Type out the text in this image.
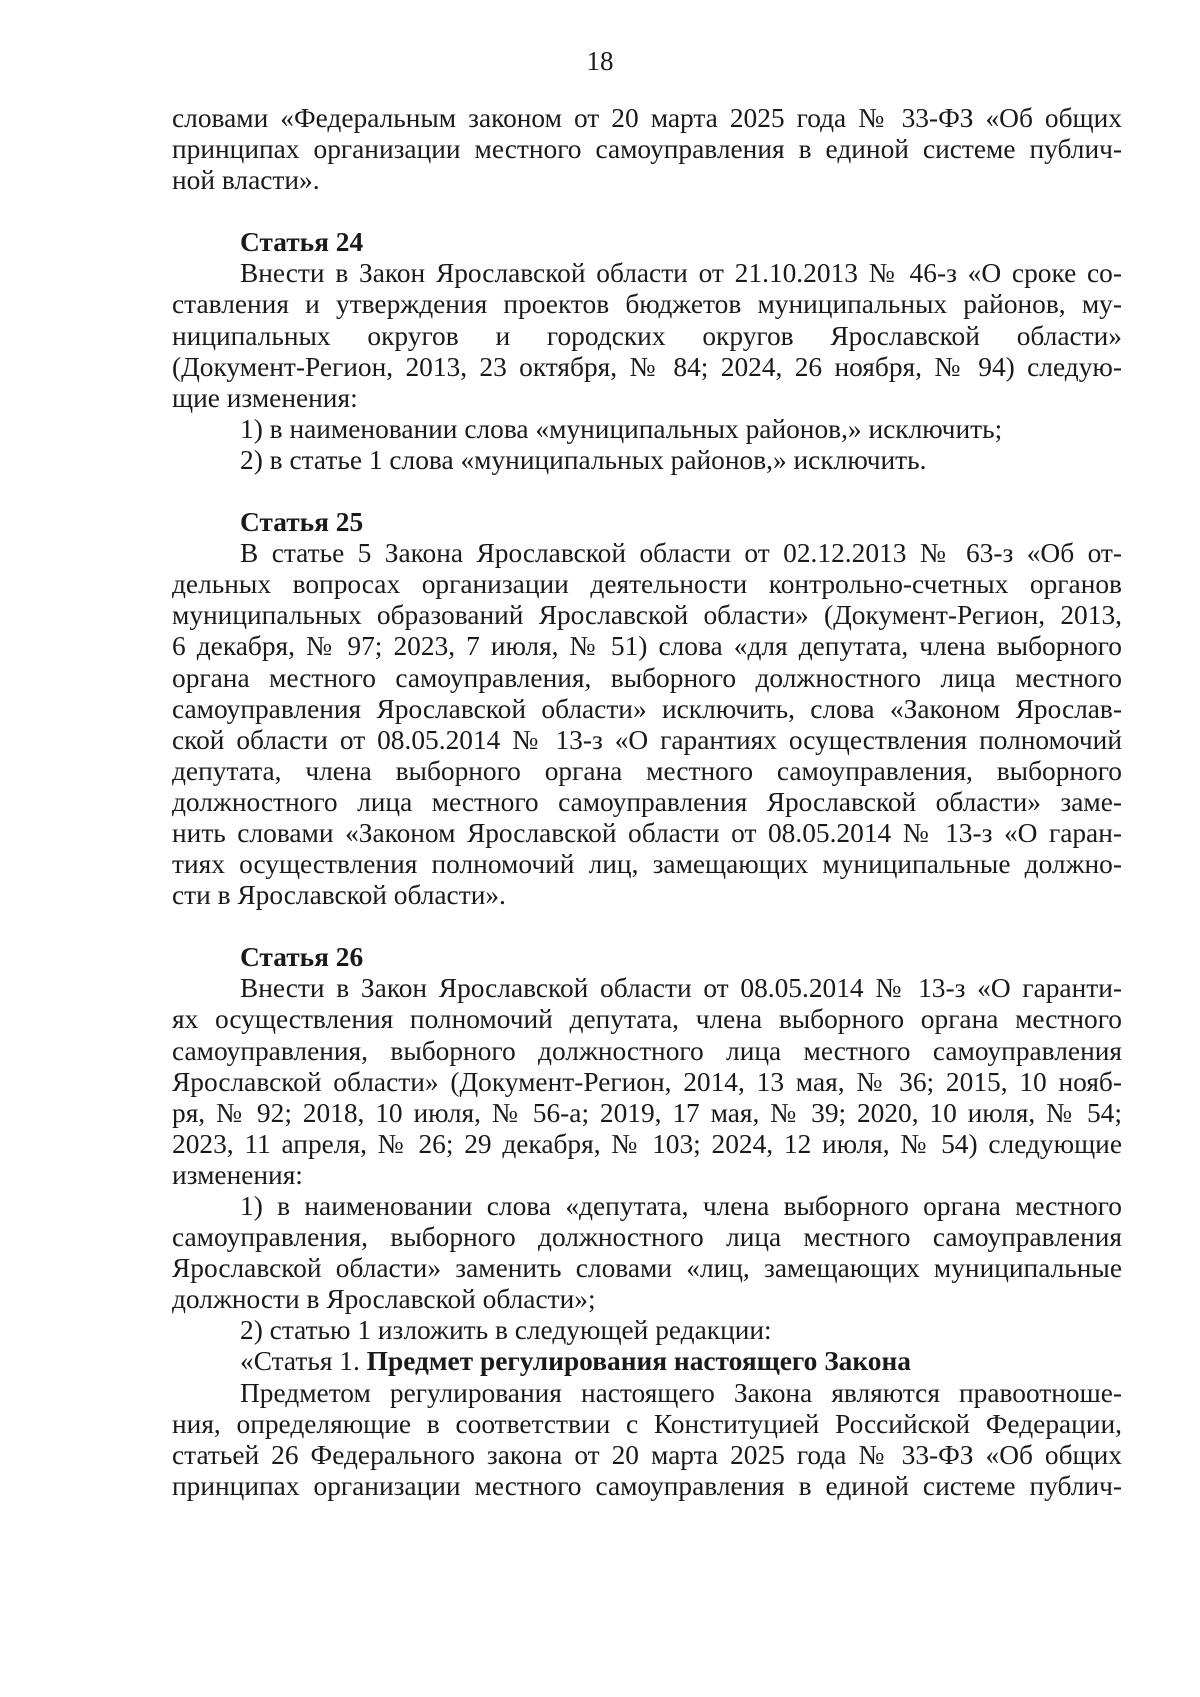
18
словами «Федеральным законом от 20 марта 2025 года № 33-ФЗ «Об общих
принципах организации местного самоуправления в единой системе публич-
ной власти».
Статья 24
Внести в Закон Ярославской области от 21.10.2013 № 46-з «О сроке со-
ставления и утверждения проектов бюджетов муниципальных районов, му-
ниципальных округов и городских округов Ярославской области»
(Документ-Регион, 2013, 23 октября, № 84; 2024, 26 ноября, № 94) следую-
щие изменения:
1) в наименовании слова «муниципальных районов,» исключить;
2) в статье 1 слова «муниципальных районов,» исключить.
Статья 25
В статье 5 Закона Ярославской области от 02.12.2013 № 63-з «Об от-
дельных вопросах организации деятельности контрольно-счетных органов
муниципальных образований Ярославской области» (Документ-Регион, 2013,
6 декабря, № 97; 2023, 7 июля, № 51) слова «для депутата, члена выборного
органа местного самоуправления, выборного должностного лица местного
самоуправления Ярославской области» исключить, слова «Законом Ярослав-
ской области от 08.05.2014 № 13-з «О гарантиях осуществления полномочий
депутата, члена выборного органа местного самоуправления, выборного
должностного лица местного самоуправления Ярославской области» заме-
нить словами «Законом Ярославской области от 08.05.2014 № 13-з «О гаран-
тиях осуществления полномочий лиц, замещающих муниципальные должно-
сти в Ярославской области».
Статья 26
Внести в Закон Ярославской области от 08.05.2014 № 13-з «О гаранти-
ях осуществления полномочий депутата, члена выборного органа местного
самоуправления, выборного должностного лица местного самоуправления
Ярославской области» (Документ-Регион, 2014, 13 мая, № 36; 2015, 10 нояб-
ря, № 92; 2018, 10 июля, № 56-а; 2019, 17 мая, № 39; 2020, 10 июля, № 54;
2023, 11 апреля, № 26; 29 декабря, № 103; 2024, 12 июля, № 54) следующие
изменения:
1) в наименовании слова «депутата, члена выборного органа местного
самоуправления, выборного должностного лица местного самоуправления
Ярославской области» заменить словами «лиц, замещающих муниципальные
должности в Ярославской области»;
2) статью 1 изложить в следующей редакции:
«Статья 1. Предмет регулирования настоящего Закона
Предметом регулирования настоящего Закона являются правоотноше-
ния, определяющие в соответствии с Конституцией Российской Федерации,
статьей 26 Федерального закона от 20 марта 2025 года № 33-ФЗ «Об общих
принципах организации местного самоуправления в единой системе публич-
